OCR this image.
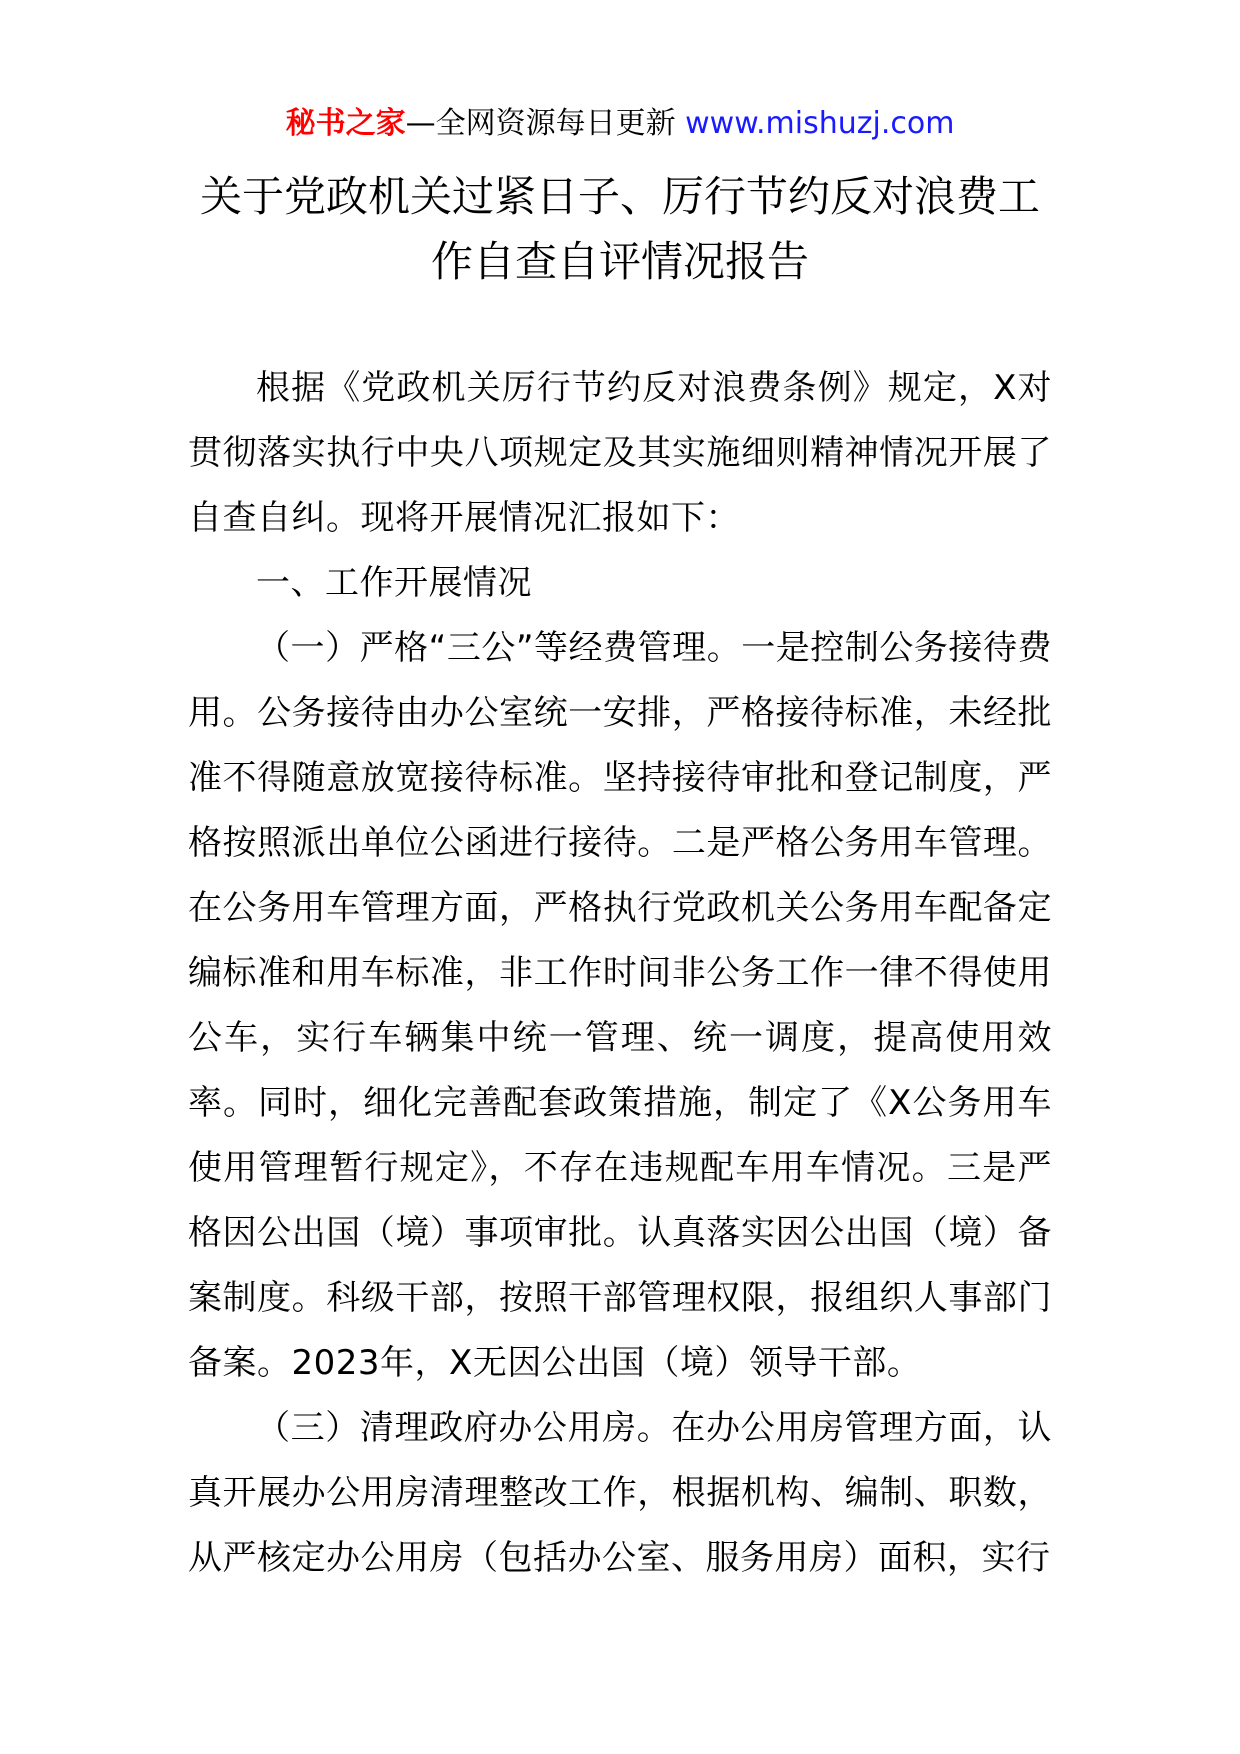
秘书之家—全网资源每日更新 www.mishuzj.com
关于党政机关过紧日子、厉行节约反对浪费工
作自查自评情况报告

根据《党政机关厉行节约反对浪费条例》规定，X对贯彻落实执行中央八项规定及其实施细则精神情况开展了自查自纠。现将开展情况汇报如下：

一、工作开展情况

（一）严格“三公”等经费管理。一是控制公务接待费用。公务接待由办公室统一安排，严格接待标准，未经批准不得随意放宽接待标准。坚持接待审批和登记制度，严格按照派出单位公函进行接待。二是严格公务用车管理。在公务用车管理方面，严格执行党政机关公务用车配备定编标准和用车标准，非工作时间非公务工作一律不得使用公车，实行车辆集中统一管理、统一调度，提高使用效率。同时，细化完善配套政策措施，制定了《X公务用车使用管理暂行规定》，不存在违规配车用车情况。三是严格因公出国（境）事项审批。认真落实因公出国（境）备案制度。科级干部，按照干部管理权限，报组织人事部门备案。2023年，X无因公出国（境）领导干部。

（三）清理政府办公用房。在办公用房管理方面，认真开展办公用房清理整改工作，根据机构、编制、职数，从严核定办公用房（包括办公室、服务用房）面积，实行
